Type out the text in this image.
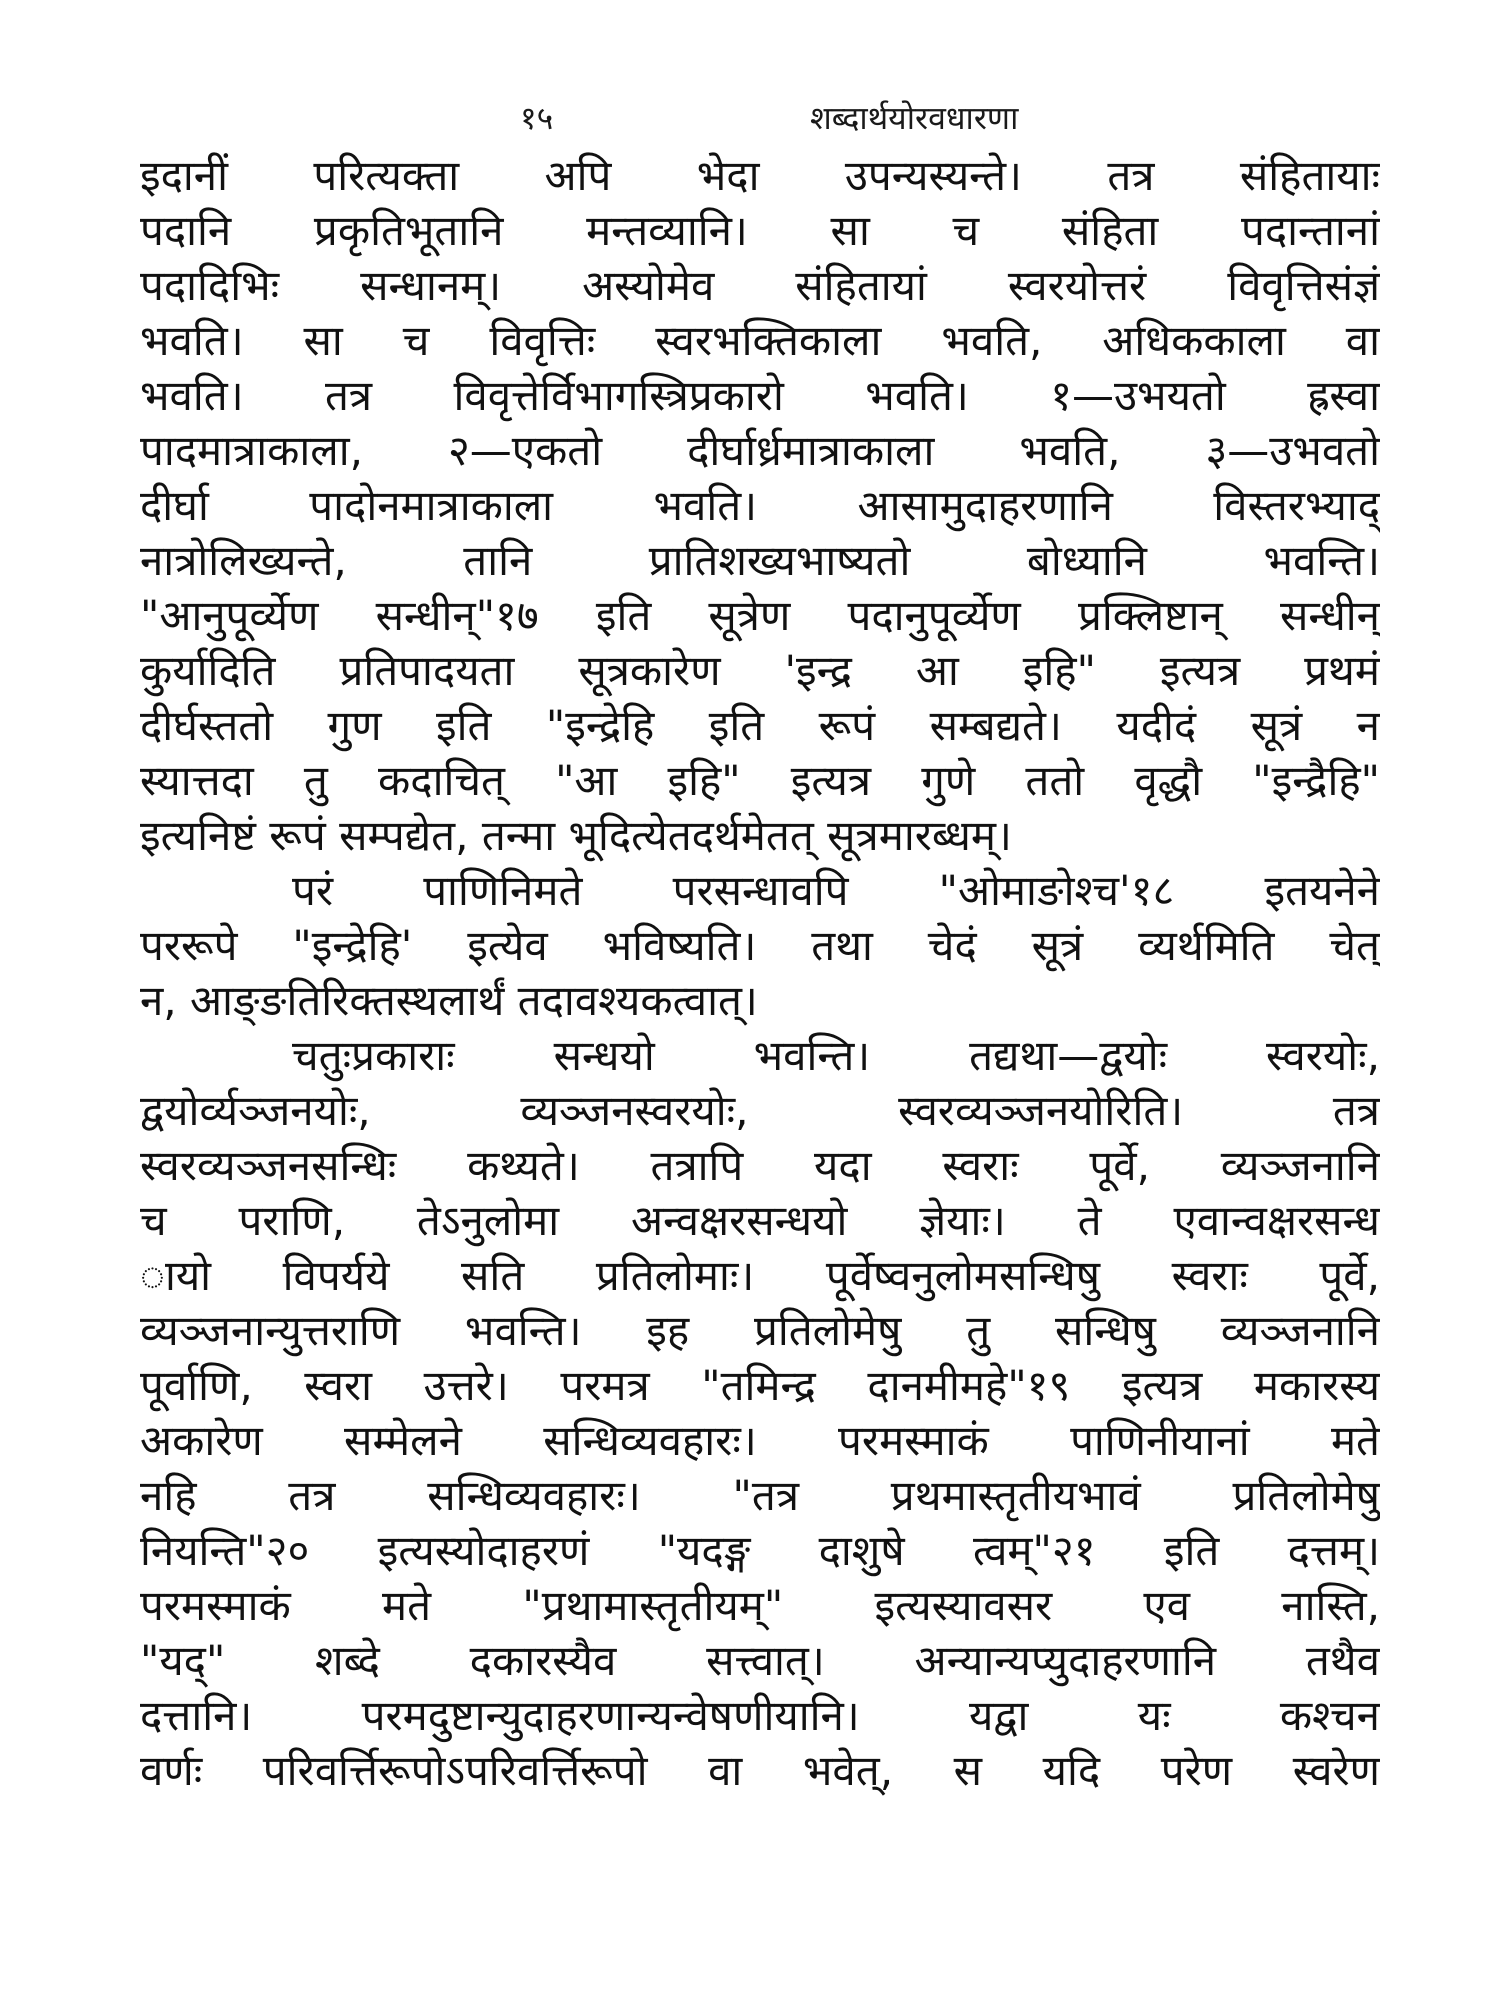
१५	शब्दार्थयोरवधारणा
इदानीं परित्यक्ता अपि भेदा उपन्यस्यन्ते। तत्र संहितायाः
पदानि प्रकृतिभूतानि मन्तव्यानि। सा च संहिता पदान्तानां
पदादिभिः सन्धानम्। अस्योमेव संहितायां स्वरयोत्तरं विवृत्तिसंज्ञं
भवति। सा च विवृत्तिः स्वरभक्तिकाला भवति, अधिककाला वा
भवति। तत्र विवृत्तेर्विभागस्त्रिप्रकारो भवति। १—उभयतो ह्रस्वा
पादमात्राकाला, २—एकतो दीर्घार्ध्रमात्राकाला भवति, ३—उभवतो
दीर्घा पादोनमात्राकाला भवति। आसामुदाहरणानि विस्तरभ्याद्
नात्रोलिख्यन्ते, तानि प्रातिशख्यभाष्यतो बोध्यानि भवन्ति।
"आनुपूर्व्येण सन्धीन्"१७ इति सूत्रेण पदानुपूर्व्येण प्रक्लिष्टान् सन्धीन्
कुर्यादिति प्रतिपादयता सूत्रकारेण 'इन्द्र आ इहि" इत्यत्र प्रथमं
दीर्घस्ततो गुण इति "इन्द्रेहि इति रूपं सम्बद्यते। यदीदं सूत्रं न
स्यात्तदा तु कदाचित् "आ इहि" इत्यत्र गुणे ततो वृद्धौ "इन्द्रैहि"
इत्यनिष्टं रूपं सम्पद्येत, तन्मा भूदित्येतदर्थमेतत् सूत्रमारब्धम्।
परं पाणिनिमते परसन्धावपि "ओमाङोश्च'१८ इतयनेने
पररूपे "इन्द्रेहि' इत्येव भविष्यति। तथा चेदं सूत्रं व्यर्थमिति चेत्
न, आङ्ङतिरिक्तस्थलार्थं तदावश्यकत्वात्।
चतुःप्रकाराः सन्धयो भवन्ति। तद्यथा—द्वयोः स्वरयोः,
द्वयोर्व्यञ्जनयोः, व्यञ्जनस्वरयोः, स्वरव्यञ्जनयोरिति। तत्र
स्वरव्यञ्जनसन्धिः कथ्यते। तत्रापि यदा स्वराः पूर्वे, व्यञ्जनानि
च पराणि, तेऽनुलोमा अन्वक्षरसन्धयो ज्ञेयाः। ते एवान्वक्षरसन्ध
ायो विपर्यये सति प्रतिलोमाः। पूर्वेष्वनुलोमसन्धिषु स्वराः पूर्वे,
व्यञ्जनान्युत्तराणि भवन्ति। इह प्रतिलोमेषु तु सन्धिषु व्यञ्जनानि
पूर्वाणि, स्वरा उत्तरे। परमत्र "तमिन्द्र दानमीमहे"१९ इत्यत्र मकारस्य
अकारेण सम्मेलने सन्धिव्यवहारः। परमस्माकं पाणिनीयानां मते
नहि तत्र सन्धिव्यवहारः। "तत्र प्रथमास्तृतीयभावं प्रतिलोमेषु
नियन्ति"२० इत्यस्योदाहरणं "यदङ्ग दाशुषे त्वम्"२१ इति दत्तम्।
परमस्माकं मते "प्रथामास्तृतीयम्" इत्यस्यावसर एव नास्ति,
"यद्" शब्दे दकारस्यैव सत्त्वात्। अन्यान्यप्युदाहरणानि तथैव
दत्तानि। परमदुष्टान्युदाहरणान्यन्वेषणीयानि। यद्वा यः कश्चन
वर्णः परिवर्त्तिरूपोऽपरिवर्त्तिरूपो वा भवेत्, स यदि परेण स्वरेण
